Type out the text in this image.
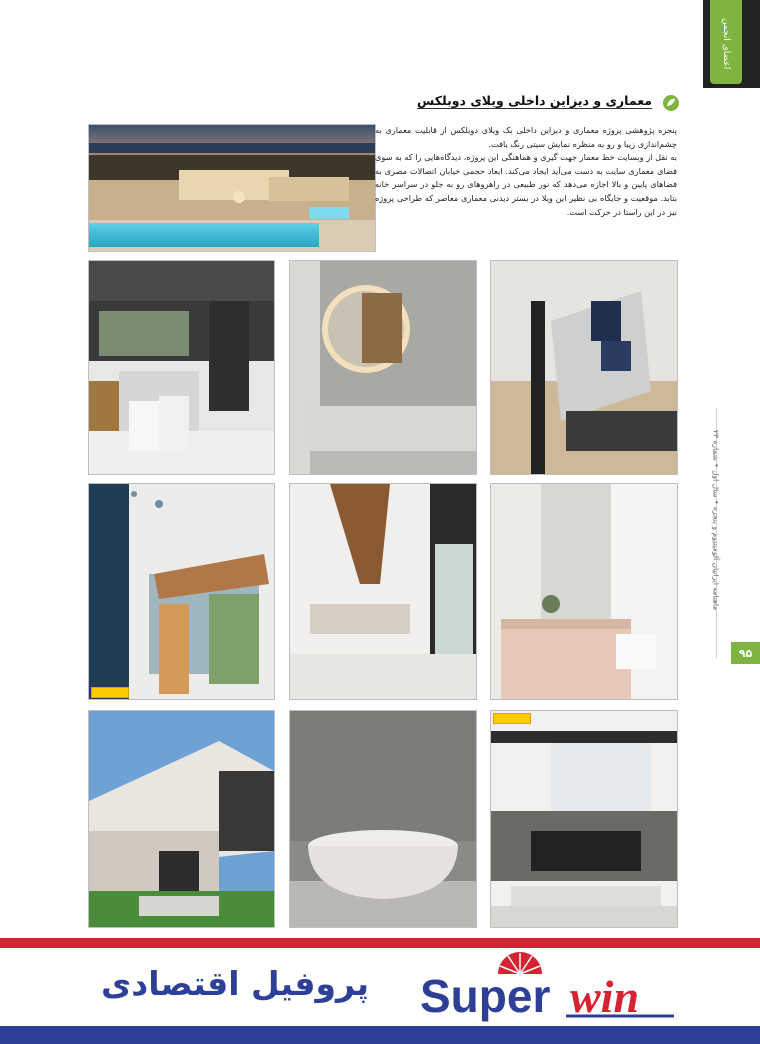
اعضای انجمن
معماری و دیزاین داخلی ویلای دوبلکس

پنجره پژوهشی پروژه معماری و دیزاین داخلی یک ویلای دوبلکس از قابلیت معماری به چشم‌اندازی زیبا و رو به منظره نمایش سیتی رنگ یافت.

به نقل از وبسایت خط معمار جهت گیری و هماهنگی این پروژه، دیدگاه‌هایی را که به سوی فضای معماری سایت به دست می‌آید ایجاد می‌کند. ابعاد حجمی خیابان اتصالات مصری به فضاهای پایین و بالا اجازه می‌دهد که نور طبیعی در راهروهای رو به جلو در سراسر خانه بتابد. موقعیت و جایگاه بی نظیر این ویلا در بستر دیدنی معماری معاصر که طراحی پروژه نیز در این راستا در حرکت است.

ماهنامه ایرانیان آلومینیوم و پنجره • سال اول • شماره ۲۳
۹۵
پروفیل اقتصادی Super win
